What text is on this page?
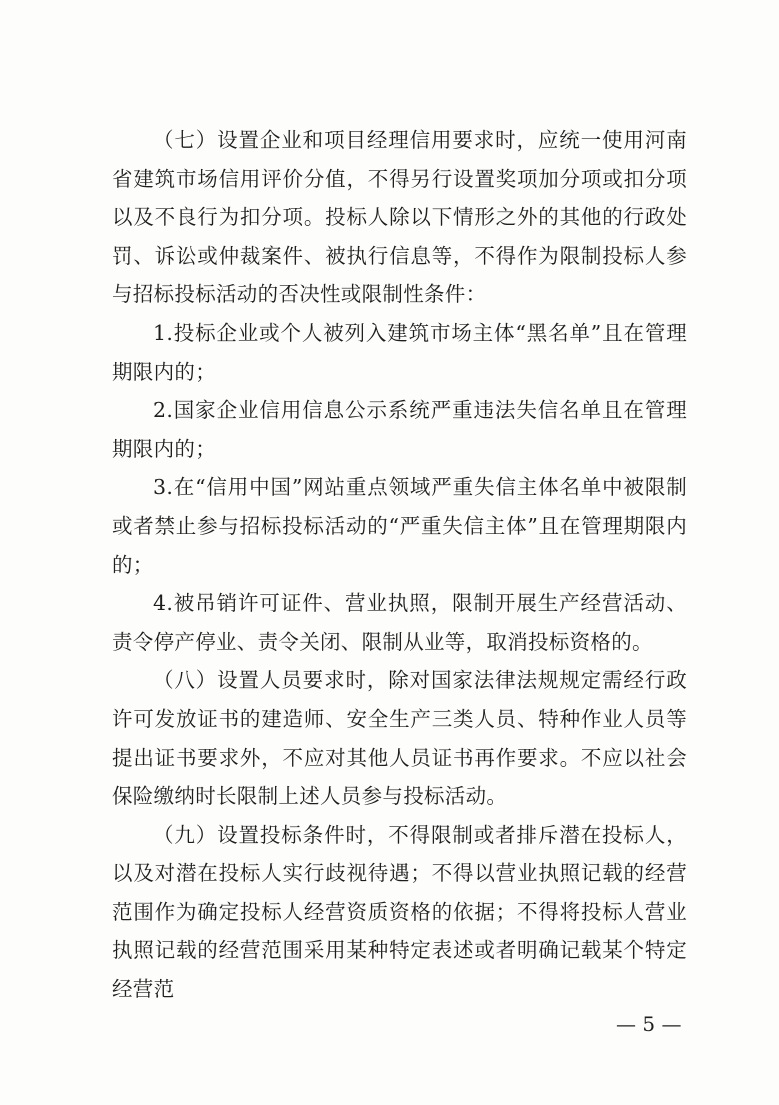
（七）设置企业和项目经理信用要求时，应统一使用河南省建筑市场信用评价分值，不得另行设置奖项加分项或扣分项以及不良行为扣分项。投标人除以下情形之外的其他的行政处罚、诉讼或仲裁案件、被执行信息等，不得作为限制投标人参与招标投标活动的否决性或限制性条件：

1.投标企业或个人被列入建筑市场主体“黑名单”且在管理期限内的；

2.国家企业信用信息公示系统严重违法失信名单且在管理期限内的；

3.在“信用中国”网站重点领域严重失信主体名单中被限制或者禁止参与招标投标活动的“严重失信主体”且在管理期限内的；

4.被吊销许可证件、营业执照，限制开展生产经营活动、责令停产停业、责令关闭、限制从业等，取消投标资格的。

（八）设置人员要求时，除对国家法律法规规定需经行政许可发放证书的建造师、安全生产三类人员、特种作业人员等提出证书要求外，不应对其他人员证书再作要求。不应以社会保险缴纳时长限制上述人员参与投标活动。

（九）设置投标条件时，不得限制或者排斥潜在投标人，以及对潜在投标人实行歧视待遇；不得以营业执照记载的经营范围作为确定投标人经营资质资格的依据；不得将投标人营业执照记载的经营范围采用某种特定表述或者明确记载某个特定经营范

— 5 —
